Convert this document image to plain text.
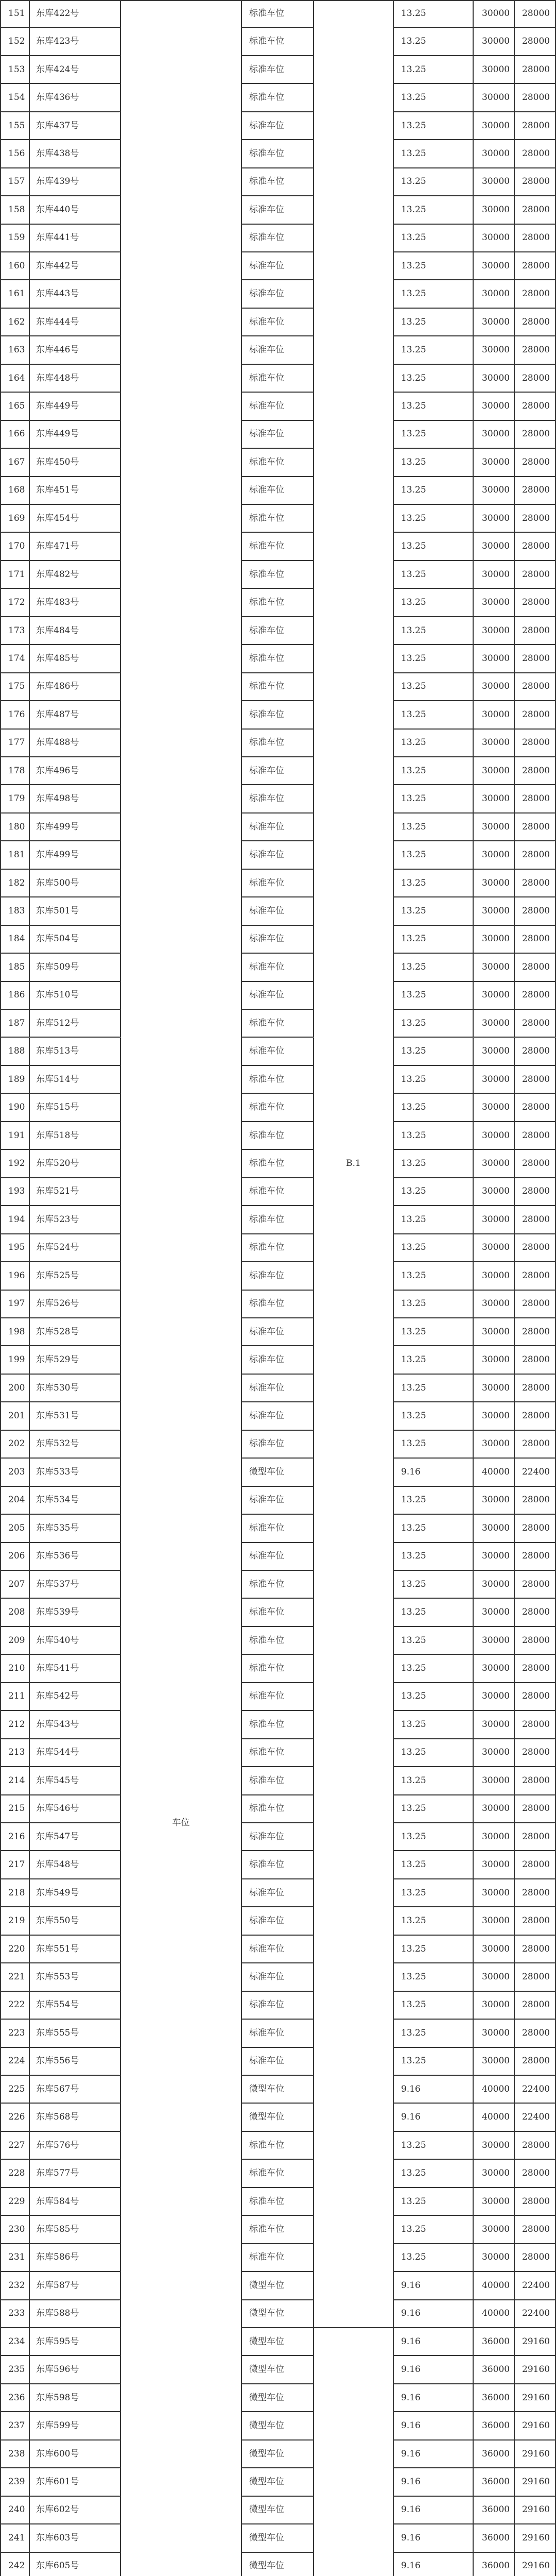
151	东库422号	标准车位	13.25	30000	28000
152	东库423号	标准车位	13.25	30000	28000
153	东库424号	标准车位	13.25	30000	28000
154	东库436号	标准车位	13.25	30000	28000
155	东库437号	标准车位	13.25	30000	28000
156	东库438号	标准车位	13.25	30000	28000
157	东库439号	标准车位	13.25	30000	28000
158	东库440号	标准车位	13.25	30000	28000
159	东库441号	标准车位	13.25	30000	28000
160	东库442号	标准车位	13.25	30000	28000
161	东库443号	标准车位	13.25	30000	28000
162	东库444号	标准车位	13.25	30000	28000
163	东库446号	标准车位	13.25	30000	28000
164	东库448号	标准车位	13.25	30000	28000
165	东库449号	标准车位	13.25	30000	28000
166	东库449号	标准车位	13.25	30000	28000
167	东库450号	标准车位	13.25	30000	28000
168	东库451号	标准车位	13.25	30000	28000
169	东库454号	标准车位	13.25	30000	28000
170	东库471号	标准车位	13.25	30000	28000
171	东库482号	标准车位	13.25	30000	28000
172	东库483号	标准车位	13.25	30000	28000
173	东库484号	标准车位	13.25	30000	28000
174	东库485号	标准车位	13.25	30000	28000
175	东库486号	标准车位	13.25	30000	28000
176	东库487号	标准车位	13.25	30000	28000
177	东库488号	标准车位	13.25	30000	28000
178	东库496号	标准车位	13.25	30000	28000
179	东库498号	标准车位	13.25	30000	28000
180	东库499号	标准车位	13.25	30000	28000
181	东库499号	标准车位	13.25	30000	28000
182	东库500号	标准车位	13.25	30000	28000
183	东库501号	标准车位	13.25	30000	28000
184	东库504号	标准车位	13.25	30000	28000
185	东库509号	标准车位	13.25	30000	28000
186	东库510号	标准车位	13.25	30000	28000
187	东库512号	标准车位	13.25	30000	28000
188	东库513号	标准车位	13.25	30000	28000
189	东库514号	标准车位	13.25	30000	28000
190	东库515号	标准车位	13.25	30000	28000
191	东库518号	标准车位	13.25	30000	28000
192	东库520号	标准车位	13.25	30000	28000
193	东库521号	标准车位	13.25	30000	28000
194	东库523号	标准车位	13.25	30000	28000
195	东库524号	标准车位	13.25	30000	28000
196	东库525号	标准车位	13.25	30000	28000
197	东库526号	标准车位	13.25	30000	28000
198	东库528号	标准车位	13.25	30000	28000
199	东库529号	标准车位	13.25	30000	28000
200	东库530号	标准车位	13.25	30000	28000
201	东库531号	标准车位	13.25	30000	28000
202	东库532号	标准车位	13.25	30000	28000
203	东库533号	微型车位	9.16	40000	22400
204	东库534号	标准车位	13.25	30000	28000
205	东库535号	标准车位	13.25	30000	28000
206	东库536号	标准车位	13.25	30000	28000
207	东库537号	标准车位	13.25	30000	28000
208	东库539号	标准车位	13.25	30000	28000
209	东库540号	标准车位	13.25	30000	28000
210	东库541号	标准车位	13.25	30000	28000
211	东库542号	标准车位	13.25	30000	28000
212	东库543号	标准车位	13.25	30000	28000
213	东库544号	标准车位	13.25	30000	28000
214	东库545号	标准车位	13.25	30000	28000
215	东库546号	标准车位	13.25	30000	28000
216	东库547号	标准车位	13.25	30000	28000
217	东库548号	标准车位	13.25	30000	28000
218	东库549号	标准车位	13.25	30000	28000
219	东库550号	标准车位	13.25	30000	28000
220	东库551号	标准车位	13.25	30000	28000
221	东库553号	标准车位	13.25	30000	28000
222	东库554号	标准车位	13.25	30000	28000
223	东库555号	标准车位	13.25	30000	28000
224	东库556号	标准车位	13.25	30000	28000
225	东库567号	微型车位	9.16	40000	22400
226	东库568号	微型车位	9.16	40000	22400
227	东库576号	标准车位	13.25	30000	28000
228	东库577号	标准车位	13.25	30000	28000
229	东库584号	标准车位	13.25	30000	28000
230	东库585号	标准车位	13.25	30000	28000
231	东库586号	标准车位	13.25	30000	28000
232	东库587号	微型车位	9.16	40000	22400
233	东库588号	微型车位	9.16	40000	22400
234	东库595号	微型车位	9.16	36000	29160
235	东库596号	微型车位	9.16	36000	29160
236	东库598号	微型车位	9.16	36000	29160
237	东库599号	微型车位	9.16	36000	29160
238	东库600号	微型车位	9.16	36000	29160
239	东库601号	微型车位	9.16	36000	29160
240	东库602号	微型车位	9.16	36000	29160
241	东库603号	微型车位	9.16	36000	29160
242	东库605号	微型车位	9.16	36000	29160
车位
B.1
